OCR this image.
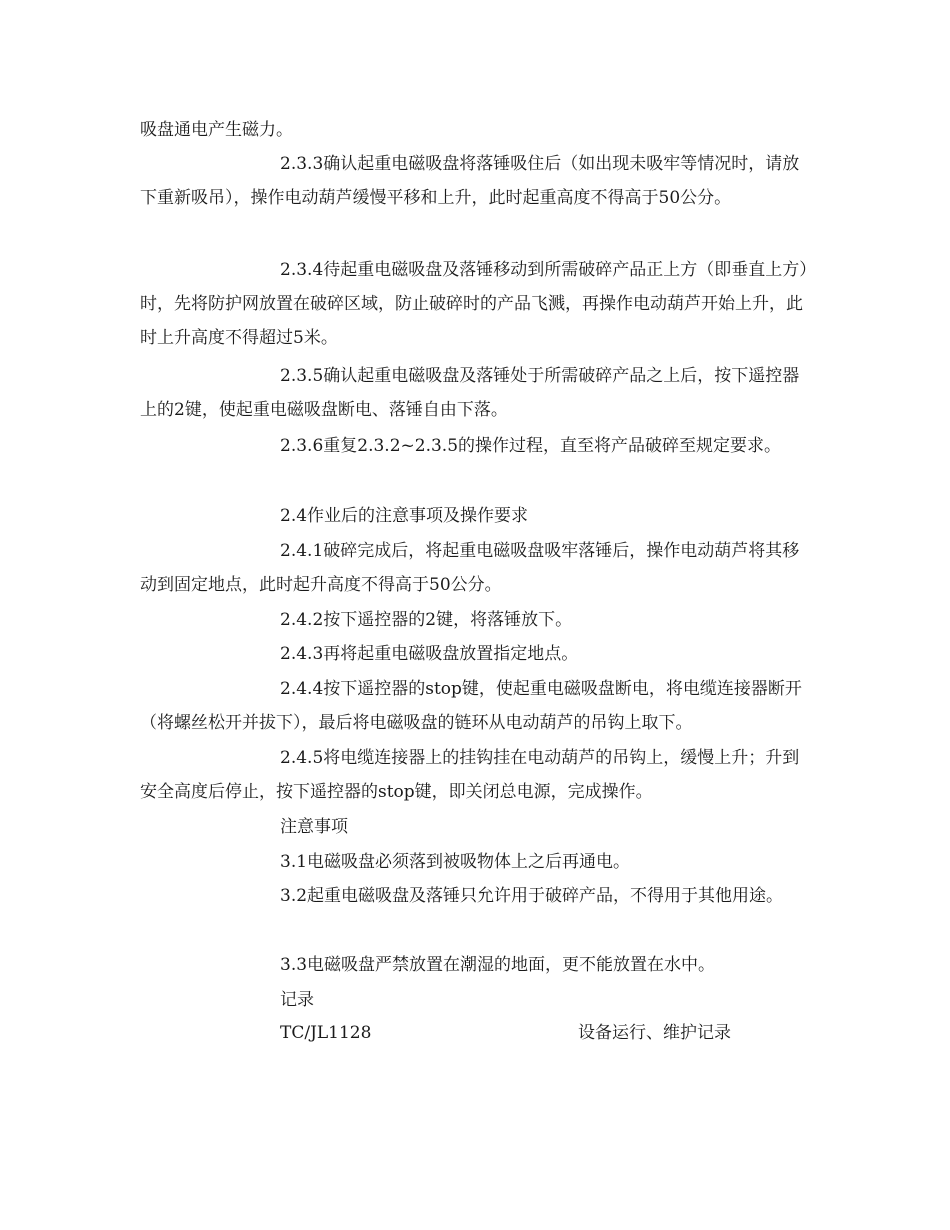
吸盘通电产生磁力。

2.3.3确认起重电磁吸盘将落锤吸住后（如出现未吸牢等情况时，请放下重新吸吊），操作电动葫芦缓慢平移和上升，此时起重高度不得高于50公分。

2.3.4待起重电磁吸盘及落锤移动到所需破碎产品正上方（即垂直上方）时，先将防护网放置在破碎区域，防止破碎时的产品飞溅，再操作电动葫芦开始上升，此时上升高度不得超过5米。

2.3.5确认起重电磁吸盘及落锤处于所需破碎产品之上后，按下遥控器上的2键，使起重电磁吸盘断电、落锤自由下落。

2.3.6重复2.3.2~2.3.5的操作过程，直至将产品破碎至规定要求。

2.4作业后的注意事项及操作要求

2.4.1破碎完成后，将起重电磁吸盘吸牢落锤后，操作电动葫芦将其移动到固定地点，此时起升高度不得高于50公分。

2.4.2按下遥控器的2键，将落锤放下。

2.4.3再将起重电磁吸盘放置指定地点。

2.4.4按下遥控器的stop键，使起重电磁吸盘断电，将电缆连接器断开（将螺丝松开并拔下），最后将电磁吸盘的链环从电动葫芦的吊钩上取下。

2.4.5将电缆连接器上的挂钩挂在电动葫芦的吊钩上，缓慢上升；升到安全高度后停止，按下遥控器的stop键，即关闭总电源，完成操作。

注意事项

3.1电磁吸盘必须落到被吸物体上之后再通电。

3.2起重电磁吸盘及落锤只允许用于破碎产品，不得用于其他用途。

3.3电磁吸盘严禁放置在潮湿的地面，更不能放置在水中。

记录

TC/JL1128	设备运行、维护记录
